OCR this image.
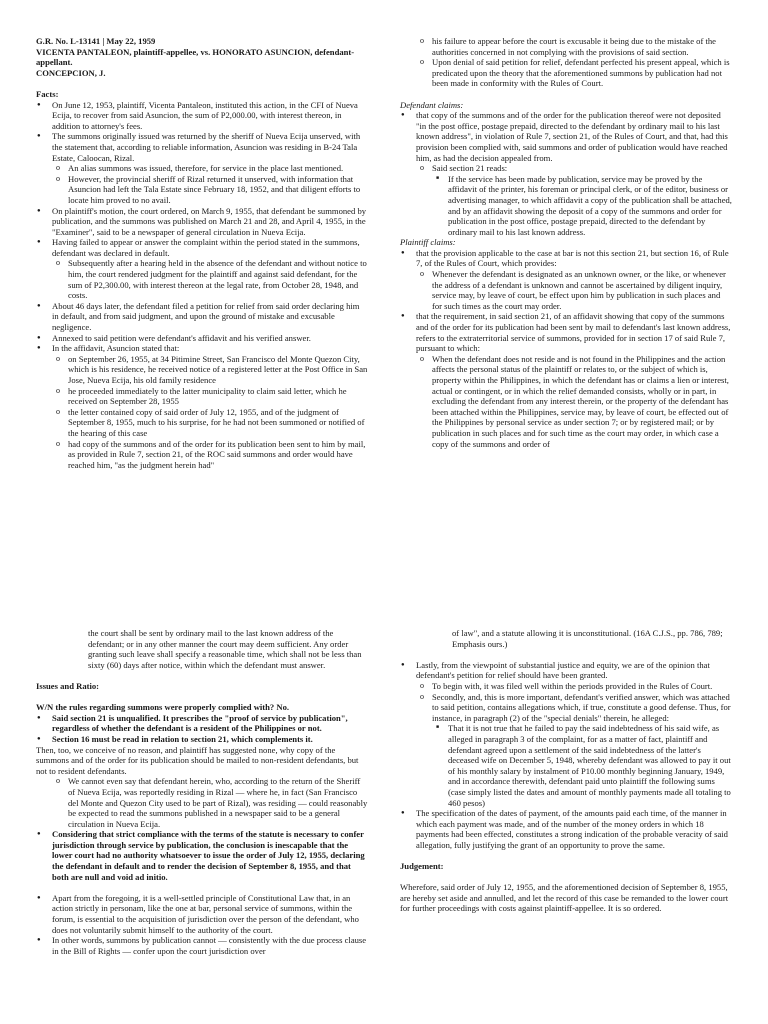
G.R. No. L-13141 | May 22, 1959

VICENTA PANTALEON, plaintiff-appellee, vs. HONORATO ASUNCION, defendant-appellant.

CONCEPCION, J.

Facts:

● On June 12, 1953, plaintiff, Vicenta Pantaleon, instituted this action, in the CFI of Nueva Ecija, to recover from said Asuncion, the sum of P2,000.00, with interest thereon, in addition to attorney's fees.

● The summons originally issued was returned by the sheriff of Nueva Ecija unserved, with the statement that, according to reliable information, Asuncion was residing in B-24 Tala Estate, Caloocan, Rizal.

o An alias summons was issued, therefore, for service in the place last mentioned.

o However, the provincial sheriff of Rizal returned it unserved, with information that Asuncion had left the Tala Estate since February 18, 1952, and that diligent efforts to locate him proved to no avail.

● On plaintiff's motion, the court ordered, on March 9, 1955, that defendant be summoned by publication, and the summons was published on March 21 and 28, and April 4, 1955, in the "Examiner", said to be a newspaper of general circulation in Nueva Ecija.

● Having failed to appear or answer the complaint within the period stated in the summons, defendant was declared in default.

o Subsequently after a hearing held in the absence of the defendant and without notice to him, the court rendered judgment for the plaintiff and against said defendant, for the sum of P2,300.00, with interest thereon at the legal rate, from October 28, 1948, and costs.

● About 46 days later, the defendant filed a petition for relief from said order declaring him in default, and from said judgment, and upon the ground of mistake and excusable negligence.

● Annexed to said petition were defendant's affidavit and his verified answer.

● In the affidavit, Asuncion stated that:

o on September 26, 1955, at 34 Pitimine Street, San Francisco del Monte Quezon City, which is his residence, he received notice of a registered letter at the Post Office in San Jose, Nueva Ecija, his old family residence

o he proceeded immediately to the latter municipality to claim said letter, which he received on September 28, 1955

o the letter contained copy of said order of July 12, 1955, and of the judgment of September 8, 1955, much to his surprise, for he had not been summoned or notified of the hearing of this case

o had copy of the summons and of the order for its publication been sent to him by mail, as provided in Rule 7, section 21, of the ROC said summons and order would have reached him, "as the judgment herein had"

o his failure to appear before the court is excusable it being due to the mistake of the authorities concerned in not complying with the provisions of said section.

o Upon denial of said petition for relief, defendant perfected his present appeal, which is predicated upon the theory that the aforementioned summons by publication had not been made in conformity with the Rules of Court.

Defendant claims:

● that copy of the summons and of the order for the publication thereof were not deposited "in the post office, postage prepaid, directed to the defendant by ordinary mail to his last known address", in violation of Rule 7, section 21, of the Rules of Court, and that, had this provision been complied with, said summons and order of publication would have reached him, as had the decision appealed from.

o Said section 21 reads:

■ If the service has been made by publication, service may be proved by the affidavit of the printer, his foreman or principal clerk, or of the editor, business or advertising manager, to which affidavit a copy of the publication shall be attached, and by an affidavit showing the deposit of a copy of the summons and order for publication in the post office, postage prepaid, directed to the defendant by ordinary mail to his last known address.

Plaintiff claims:

● that the provision applicable to the case at bar is not this section 21, but section 16, of Rule 7, of the Rules of Court, which provides:

o Whenever the defendant is designated as an unknown owner, or the like, or whenever the address of a defendant is unknown and cannot be ascertained by diligent inquiry, service may, by leave of court, be effect upon him by publication in such places and for such times as the court may order.

● that the requirement, in said section 21, of an affidavit showing that copy of the summons and of the order for its publication had been sent by mail to defendant's last known address, refers to the extraterritorial service of summons, provided for in section 17 of said Rule 7, pursuant to which:

o When the defendant does not reside and is not found in the Philippines and the action affects the personal status of the plaintiff or relates to, or the subject of which is, property within the Philippines, in which the defendant has or claims a lien or interest, actual or contingent, or in which the relief demanded consists, wholly or in part, in excluding the defendant from any interest therein, or the property of the defendant has been attached within the Philippines, service may, by leave of court, be effected out of the Philippines by personal service as under section 7; or by registered mail; or by publication in such places and for such time as the court may order, in which case a copy of the summons and order of

the court shall be sent by ordinary mail to the last known address of the defendant; or in any other manner the court may deem sufficient. Any order granting such leave shall specify a reasonable time, which shall not be less than sixty (60) days after notice, within which the defendant must answer.

Issues and Ratio:

W/N the rules regarding summons were properly complied with? No.

● Said section 21 is unqualified. It prescribes the "proof of service by publication", regardless of whether the defendant is a resident of the Philippines or not.

● Section 16 must be read in relation to section 21, which complements it.

Then, too, we conceive of no reason, and plaintiff has suggested none, why copy of the summons and of the order for its publication should be mailed to non-resident defendants, but not to resident defendants.

o We cannot even say that defendant herein, who, according to the return of the Sheriff of Nueva Ecija, was reportedly residing in Rizal — where he, in fact (San Francisco del Monte and Quezon City used to be part of Rizal), was residing — could reasonably be expected to read the summons published in a newspaper said to be a general circulation in Nueva Ecija.

● Considering that strict compliance with the terms of the statute is necessary to confer jurisdiction through service by publication, the conclusion is inescapable that the lower court had no authority whatsoever to issue the order of July 12, 1955, declaring the defendant in default and to render the decision of September 8, 1955, and that both are null and void ad initio.

● Apart from the foregoing, it is a well-settled principle of Constitutional Law that, in an action strictly in personam, like the one at bar, personal service of summons, within the forum, is essential to the acquisition of jurisdiction over the person of the defendant, who does not voluntarily submit himself to the authority of the court.

● In other words, summons by publication cannot — consistently with the due process clause in the Bill of Rights — confer upon the court jurisdiction over

of law", and a statute allowing it is unconstitutional. (16A C.J.S., pp. 786, 789; Emphasis ours.)

● Lastly, from the viewpoint of substantial justice and equity, we are of the opinion that defendant's petition for relief should have been granted.

o To begin with, it was filed well within the periods provided in the Rules of Court.

o Secondly, and, this is more important, defendant's verified answer, which was attached to said petition, contains allegations which, if true, constitute a good defense. Thus, for instance, in paragraph (2) of the "special denials" therein, he alleged:

■ That it is not true that he failed to pay the said indebtedness of his said wife, as alleged in paragraph 3 of the complaint, for as a matter of fact, plaintiff and defendant agreed upon a settlement of the said indebtedness of the latter's deceased wife on December 5, 1948, whereby defendant was allowed to pay it out of his monthly salary by instalment of P10.00 monthly beginning January, 1949, and in accordance therewith, defendant paid unto plaintiff the following sums (case simply listed the dates and amount of monthly payments made all totaling to 460 pesos)

● The specification of the dates of payment, of the amounts paid each time, of the manner in which each payment was made, and of the number of the money orders in which 18 payments had been effected, constitutes a strong indication of the probable veracity of said allegation, fully justifying the grant of an opportunity to prove the same.

Judgement:

Wherefore, said order of July 12, 1955, and the aforementioned decision of September 8, 1955, are hereby set aside and annulled, and let the record of this case be remanded to the lower court for further proceedings with costs against plaintiff-appellee. It is so ordered.
